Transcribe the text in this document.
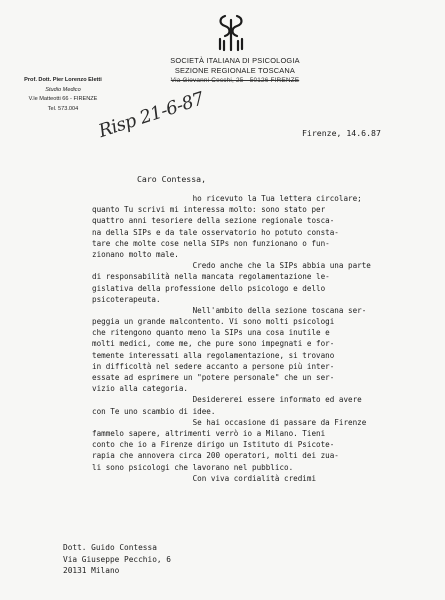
SOCIETÀ ITALIANA DI PSICOLOGIA
SEZIONE REGIONALE TOSCANA
Via Giovanni Cecchi, 25 · 50126 FIRENZE
Prof. Dott. Pier Lorenzo Eletti
Studio Medico
V.le Matteotti 66 - FIRENZE
Tel. 573.004 Risp 21-6-87	Firenze, 14.6.87
Caro Contessa,
ho ricevuto la Tua lettera circolare;
quanto Tu scrivi mi interessa molto: sono stato per
quattro anni tesoriere della sezione regionale tosca-
na della SIPs e da tale osservatorio ho potuto consta-
tare che molte cose nella SIPs non funzionano o fun-
zionano molto male.
Credo anche che la SIPs abbia una parte
di responsabilità nella mancata regolamentazione le-
gislativa della professione dello psicologo e dello
psicoterapeuta.
Nell'ambito della sezione toscana ser-
peggia un grande malcontento. Vi sono molti psicologi
che ritengono quanto meno la SIPs una cosa inutile e
molti medici, come me, che pure sono impegnati e for-
temente interessati alla regolamentazione, si trovano
in difficoltà nel sedere accanto a persone più inter-
essate ad esprimere un "potere personale" che un ser-
vizio alla categoria.
Desidererei essere informato ed avere
con Te uno scambio di idee.
Se hai occasione di passare da Firenze
fammelo sapere, altrimenti verrò io a Milano. Tieni
conto che io a Firenze dirigo un Istituto di Psicote-
rapia che annovera circa 200 operatori, molti dei zua-
li sono psicologi che lavorano nel pubblico.
Con viva cordialità credimi
Dott. Guido Contessa
Via Giuseppe Pecchio, 6
20131 Milano
